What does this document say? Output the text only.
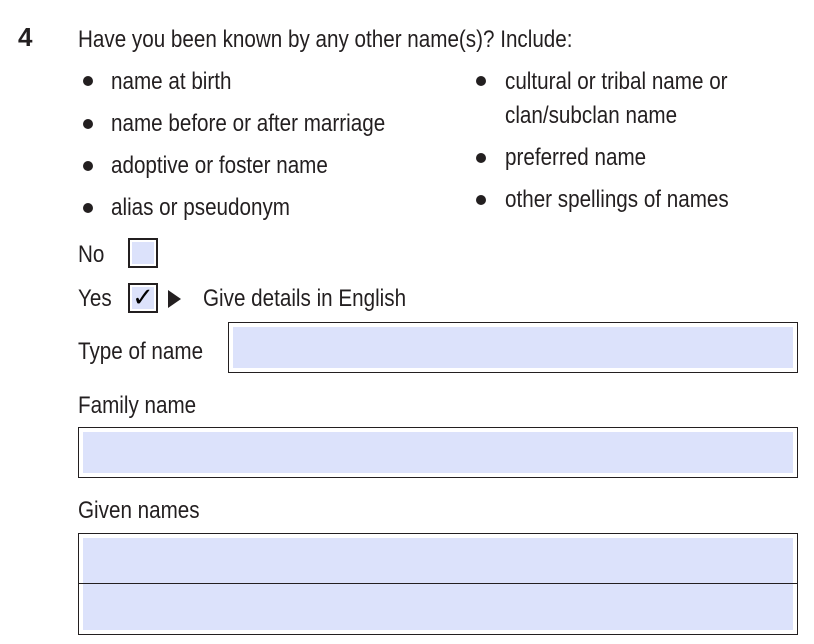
4 Have you been known by any other name(s)? Include:
name at birth
name before or after marriage
adoptive or foster name
alias or pseudonym
cultural or tribal name or
clan/subclan name
preferred name
other spellings of names
No
Yes ✓ Give details in English
Type of name
Family name
Given names
